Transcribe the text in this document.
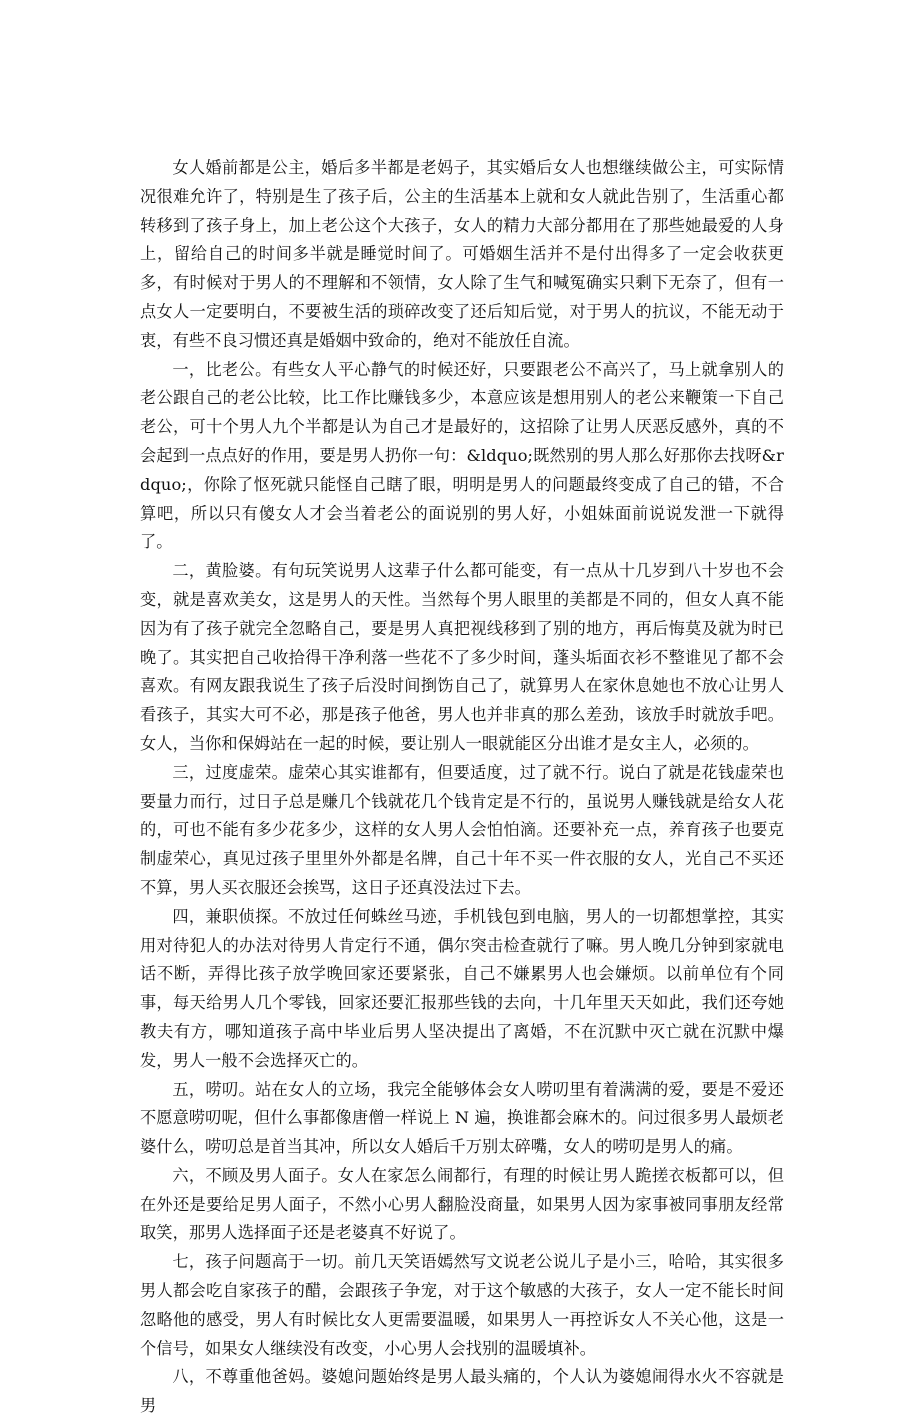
女人婚前都是公主，婚后多半都是老妈子，其实婚后女人也想继续做公主，可实际情况很难允许了，特别是生了孩子后，公主的生活基本上就和女人就此告别了，生活重心都转移到了孩子身上，加上老公这个大孩子，女人的精力大部分都用在了那些她最爱的人身上，留给自己的时间多半就是睡觉时间了。可婚姻生活并不是付出得多了一定会收获更多，有时候对于男人的不理解和不领情，女人除了生气和喊冤确实只剩下无奈了，但有一点女人一定要明白，不要被生活的琐碎改变了还后知后觉，对于男人的抗议，不能无动于衷，有些不良习惯还真是婚姻中致命的，绝对不能放任自流。

一，比老公。有些女人平心静气的时候还好，只要跟老公不高兴了，马上就拿别人的老公跟自己的老公比较，比工作比赚钱多少，本意应该是想用别人的老公来鞭策一下自己老公，可十个男人九个半都是认为自己才是最好的，这招除了让男人厌恶反感外，真的不会起到一点点好的作用，要是男人扔你一句：&ldquo;既然别的男人那么好那你去找呀&rdquo;，你除了怄死就只能怪自己瞎了眼，明明是男人的问题最终变成了自己的错，不合算吧，所以只有傻女人才会当着老公的面说别的男人好，小姐妹面前说说发泄一下就得了。

二，黄脸婆。有句玩笑说男人这辈子什么都可能变，有一点从十几岁到八十岁也不会变，就是喜欢美女，这是男人的天性。当然每个男人眼里的美都是不同的，但女人真不能因为有了孩子就完全忽略自己，要是男人真把视线移到了别的地方，再后悔莫及就为时已晚了。其实把自己收拾得干净利落一些花不了多少时间，蓬头垢面衣衫不整谁见了都不会喜欢。有网友跟我说生了孩子后没时间捯饬自己了，就算男人在家休息她也不放心让男人看孩子，其实大可不必，那是孩子他爸，男人也并非真的那么差劲，该放手时就放手吧。女人，当你和保姆站在一起的时候，要让别人一眼就能区分出谁才是女主人，必须的。

三，过度虚荣。虚荣心其实谁都有，但要适度，过了就不行。说白了就是花钱虚荣也要量力而行，过日子总是赚几个钱就花几个钱肯定是不行的，虽说男人赚钱就是给女人花的，可也不能有多少花多少，这样的女人男人会怕怕滴。还要补充一点，养育孩子也要克制虚荣心，真见过孩子里里外外都是名牌，自己十年不买一件衣服的女人，光自己不买还不算，男人买衣服还会挨骂，这日子还真没法过下去。

四，兼职侦探。不放过任何蛛丝马迹，手机钱包到电脑，男人的一切都想掌控，其实用对待犯人的办法对待男人肯定行不通，偶尔突击检查就行了嘛。男人晚几分钟到家就电话不断，弄得比孩子放学晚回家还要紧张，自己不嫌累男人也会嫌烦。以前单位有个同事，每天给男人几个零钱，回家还要汇报那些钱的去向，十几年里天天如此，我们还夸她教夫有方，哪知道孩子高中毕业后男人坚决提出了离婚，不在沉默中灭亡就在沉默中爆发，男人一般不会选择灭亡的。

五，唠叨。站在女人的立场，我完全能够体会女人唠叨里有着满满的爱，要是不爱还不愿意唠叨呢，但什么事都像唐僧一样说上 N 遍，换谁都会麻木的。问过很多男人最烦老婆什么，唠叨总是首当其冲，所以女人婚后千万别太碎嘴，女人的唠叨是男人的痛。

六，不顾及男人面子。女人在家怎么闹都行，有理的时候让男人跪搓衣板都可以，但在外还是要给足男人面子，不然小心男人翻脸没商量，如果男人因为家事被同事朋友经常取笑，那男人选择面子还是老婆真不好说了。

七，孩子问题高于一切。前几天笑语嫣然写文说老公说儿子是小三，哈哈，其实很多男人都会吃自家孩子的醋，会跟孩子争宠，对于这个敏感的大孩子，女人一定不能长时间忽略他的感受，男人有时候比女人更需要温暖，如果男人一再控诉女人不关心他，这是一个信号，如果女人继续没有改变，小心男人会找别的温暖填补。

八，不尊重他爸妈。婆媳问题始终是男人最头痛的，个人认为婆媳闹得水火不容就是男
